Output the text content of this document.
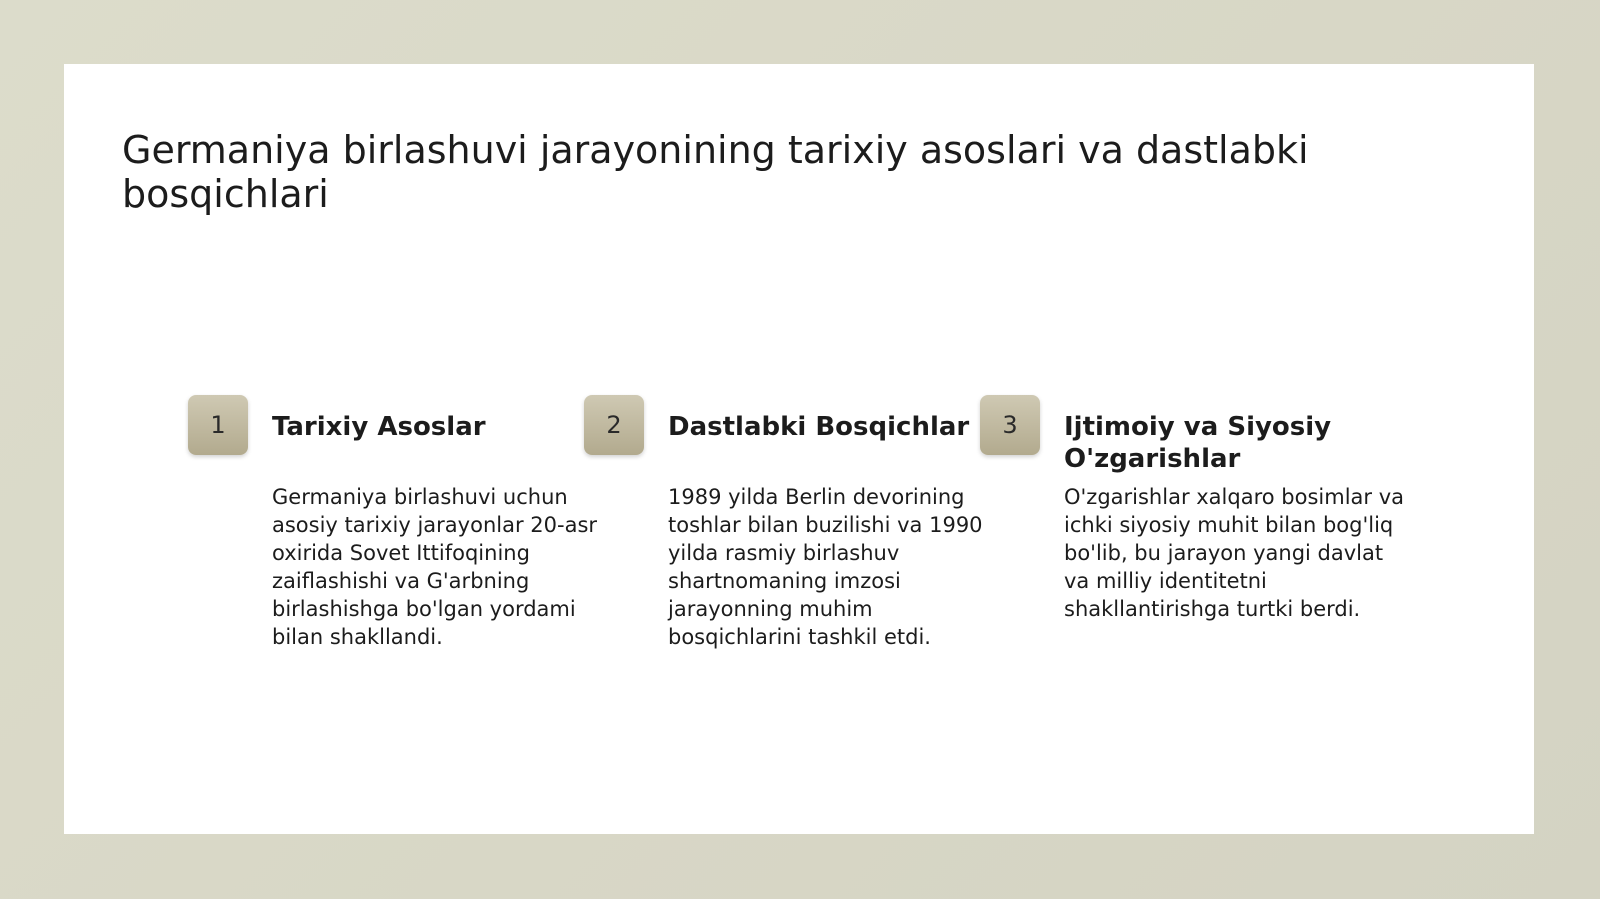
Germaniya birlashuvi jarayonining tarixiy asoslari va dastlabki bosqichlari
1	Tarixiy Asoslar
Germaniya birlashuvi uchun asosiy tarixiy jarayonlar 20-asr oxirida Sovet Ittifoqining zaiflashishi va G'arbning birlashishga bo'lgan yordami bilan shakllandi.
2	Dastlabki Bosqichlar
1989 yilda Berlin devorining toshlar bilan buzilishi va 1990 yilda rasmiy birlashuv shartnomaning imzosi jarayonning muhim bosqichlarini tashkil etdi.
3	Ijtimoiy va Siyosiy O'zgarishlar
O'zgarishlar xalqaro bosimlar va ichki siyosiy muhit bilan bog'liq bo'lib, bu jarayon yangi davlat va milliy identitetni shakllantirishga turtki berdi.
